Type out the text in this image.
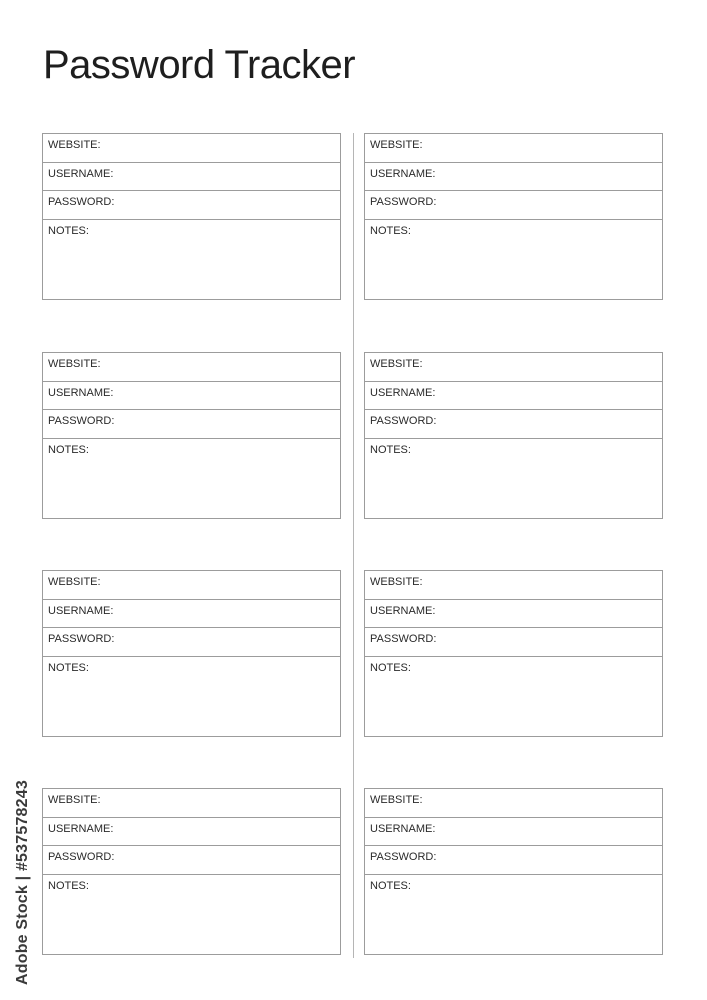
Password Tracker
WEBSITE:
USERNAME:
PASSWORD:
NOTES:
WEBSITE:
USERNAME:
PASSWORD:
NOTES:
WEBSITE:
USERNAME:
PASSWORD:
NOTES:
WEBSITE:
USERNAME:
PASSWORD:
NOTES:
WEBSITE:
USERNAME:
PASSWORD:
NOTES:
WEBSITE:
USERNAME:
PASSWORD:
NOTES:
WEBSITE:
USERNAME:
PASSWORD:
NOTES:
WEBSITE:
USERNAME:
PASSWORD:
NOTES:
Adobe Stock | #537578243
